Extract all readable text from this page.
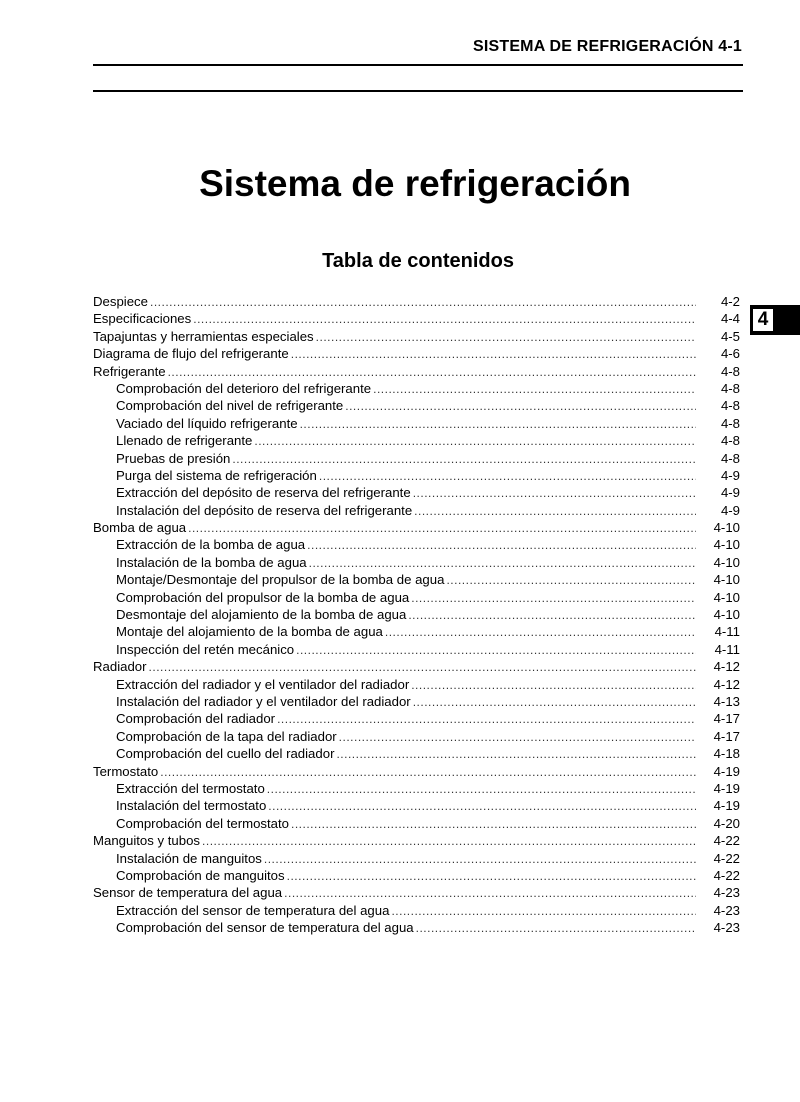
SISTEMA DE REFRIGERACIÓN 4-1
Sistema de refrigeración
Tabla de contenidos
4
Despiece .....	4-2
Especificaciones .....	4-4
Tapajuntas y herramientas especiales .....	4-5
Diagrama de flujo del refrigerante .....	4-6
Refrigerante .....	4-8
Comprobación del deterioro del refrigerante .....	4-8
Comprobación del nivel de refrigerante .....	4-8
Vaciado del líquido refrigerante .....	4-8
Llenado de refrigerante .....	4-8
Pruebas de presión .....	4-8
Purga del sistema de refrigeración .....	4-9
Extracción del depósito de reserva del refrigerante .....	4-9
Instalación del depósito de reserva del refrigerante .....	4-9
Bomba de agua .....	4-10
Extracción de la bomba de agua .....	4-10
Instalación de la bomba de agua .....	4-10
Montaje/Desmontaje del propulsor de la bomba de agua .....	4-10
Comprobación del propulsor de la bomba de agua .....	4-10
Desmontaje del alojamiento de la bomba de agua .....	4-10
Montaje del alojamiento de la bomba de agua .....	4-11
Inspección del retén mecánico .....	4-11
Radiador .....	4-12
Extracción del radiador y el ventilador del radiador .....	4-12
Instalación del radiador y el ventilador del radiador .....	4-13
Comprobación del radiador .....	4-17
Comprobación de la tapa del radiador .....	4-17
Comprobación del cuello del radiador .....	4-18
Termostato .....	4-19
Extracción del termostato .....	4-19
Instalación del termostato .....	4-19
Comprobación del termostato .....	4-20
Manguitos y tubos .....	4-22
Instalación de manguitos .....	4-22
Comprobación de manguitos .....	4-22
Sensor de temperatura del agua .....	4-23
Extracción del sensor de temperatura del agua .....	4-23
Comprobación del sensor de temperatura del agua .....	4-23
